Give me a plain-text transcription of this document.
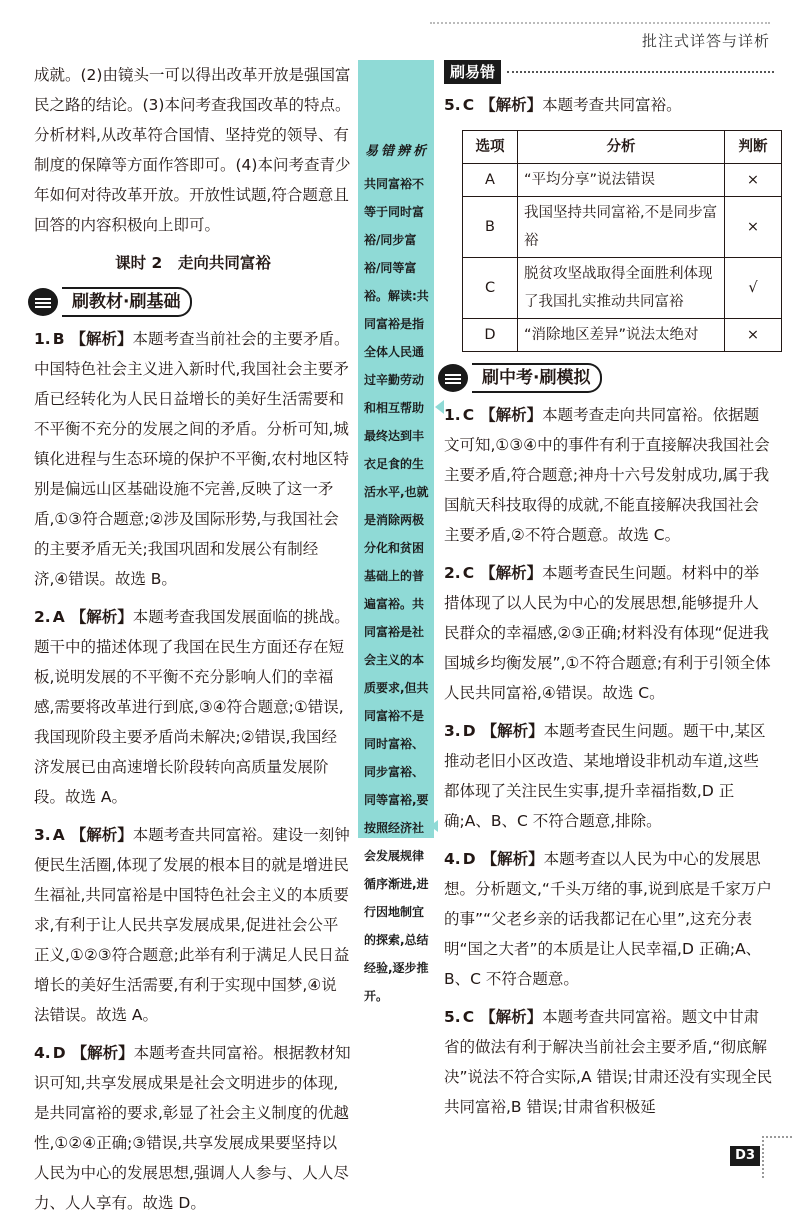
批注式详答与详析
易错辨析
共同富裕不等于同时富裕/同步富裕/同等富裕。解读:共同富裕是指全体人民通过辛勤劳动和相互帮助最终达到丰衣足食的生活水平,也就是消除两极分化和贫困基础上的普遍富裕。共同富裕是社会主义的本质要求,但共同富裕不是同时富裕、同步富裕、同等富裕,要按照经济社会发展规律循序渐进,进行因地制宜的探索,总结经验,逐步推开。

成就。(2)由镜头一可以得出改革开放是强国富民之路的结论。(3)本问考查我国改革的特点。分析材料,从改革符合国情、坚持党的领导、有制度的保障等方面作答即可。(4)本问考查青少年如何对待改革开放。开放性试题,符合题意且回答的内容积极向上即可。

课时 2　走向共同富裕
刷教材·刷基础

1. B 【解析】本题考查当前社会的主要矛盾。中国特色社会主义进入新时代,我国社会主要矛盾已经转化为人民日益增长的美好生活需要和不平衡不充分的发展之间的矛盾。分析可知,城镇化进程与生态环境的保护不平衡,农村地区特别是偏远山区基础设施不完善,反映了这一矛盾,①③符合题意;②涉及国际形势,与我国社会的主要矛盾无关;我国巩固和发展公有制经济,④错误。故选 B。

2. A 【解析】本题考查我国发展面临的挑战。题干中的描述体现了我国在民生方面还存在短板,说明发展的不平衡不充分影响人们的幸福感,需要将改革进行到底,③④符合题意;①错误,我国现阶段主要矛盾尚未解决;②错误,我国经济发展已由高速增长阶段转向高质量发展阶段。故选 A。

3. A 【解析】本题考查共同富裕。建设一刻钟便民生活圈,体现了发展的根本目的就是增进民生福祉,共同富裕是中国特色社会主义的本质要求,有利于让人民共享发展成果,促进社会公平正义,①②③符合题意;此举有利于满足人民日益增长的美好生活需要,有利于实现中国梦,④说法错误。故选 A。

4. D 【解析】本题考查共同富裕。根据教材知识可知,共享发展成果是社会文明进步的体现,是共同富裕的要求,彰显了社会主义制度的优越性,①②④正确;③错误,共享发展成果要坚持以人民为中心的发展思想,强调人人参与、人人尽力、人人享有。故选 D。

刷易错

5. C 【解析】本题考查共同富裕。

选项	分析	判断
A	“平均分享”说法错误	×
B	我国坚持共同富裕,不是同步富裕	×
C	脱贫攻坚战取得全面胜利体现了我国扎实推动共同富裕	√
D	“消除地区差异”说法太绝对	×
刷中考·刷模拟

1. C 【解析】本题考查走向共同富裕。依据题文可知,①③④中的事件有利于直接解决我国社会主要矛盾,符合题意;神舟十六号发射成功,属于我国航天科技取得的成就,不能直接解决我国社会主要矛盾,②不符合题意。故选 C。

2. C 【解析】本题考查民生问题。材料中的举措体现了以人民为中心的发展思想,能够提升人民群众的幸福感,②③正确;材料没有体现“促进我国城乡均衡发展”,①不符合题意;有利于引领全体人民共同富裕,④错误。故选 C。

3. D 【解析】本题考查民生问题。题干中,某区推动老旧小区改造、某地增设非机动车道,这些都体现了关注民生实事,提升幸福指数,D 正确;A、B、C 不符合题意,排除。

4. D 【解析】本题考查以人民为中心的发展思想。分析题文,“千头万绪的事,说到底是千家万户的事”“父老乡亲的话我都记在心里”,这充分表明“国之大者”的本质是让人民幸福,D 正确;A、B、C 不符合题意。

5. C 【解析】本题考查共同富裕。题文中甘肃省的做法有利于解决当前社会主要矛盾,“彻底解决”说法不符合实际,A 错误;甘肃还没有实现全民共同富裕,B 错误;甘肃省积极延

D3
